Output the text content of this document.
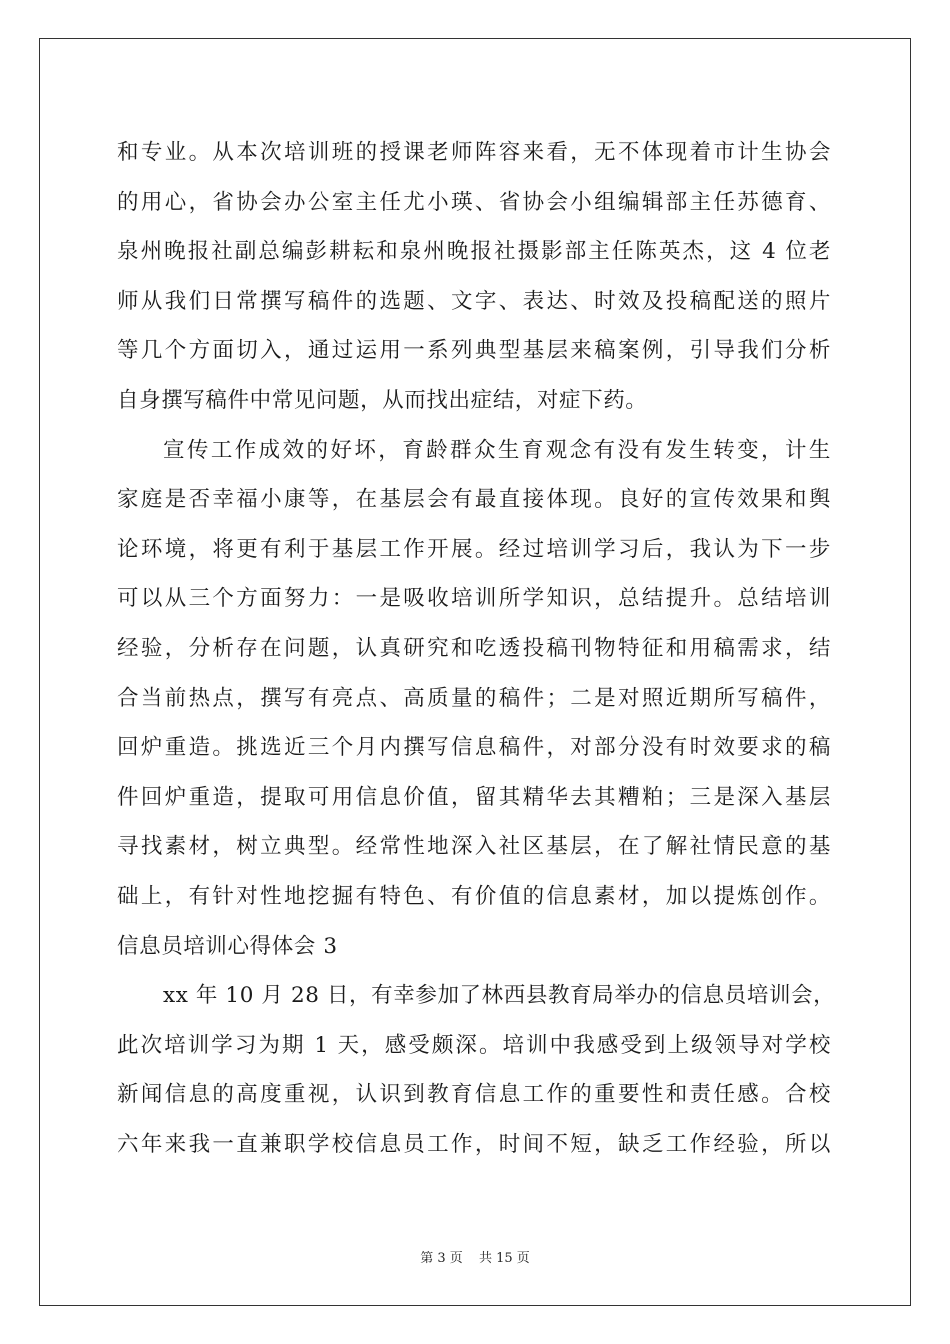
和专业。从本次培训班的授课老师阵容来看，无不体现着市计生协会
的用心，省协会办公室主任尤小瑛、省协会小组编辑部主任苏德育、
泉州晚报社副总编彭耕耘和泉州晚报社摄影部主任陈英杰，这 4 位老
师从我们日常撰写稿件的选题、文字、表达、时效及投稿配送的照片
等几个方面切入，通过运用一系列典型基层来稿案例，引导我们分析
自身撰写稿件中常见问题，从而找出症结，对症下药。
宣传工作成效的好坏，育龄群众生育观念有没有发生转变，计生
家庭是否幸福小康等，在基层会有最直接体现。良好的宣传效果和舆
论环境，将更有利于基层工作开展。经过培训学习后，我认为下一步
可以从三个方面努力：一是吸收培训所学知识，总结提升。总结培训
经验，分析存在问题，认真研究和吃透投稿刊物特征和用稿需求，结
合当前热点，撰写有亮点、高质量的稿件；二是对照近期所写稿件，
回炉重造。挑选近三个月内撰写信息稿件，对部分没有时效要求的稿
件回炉重造，提取可用信息价值，留其精华去其糟粕；三是深入基层
寻找素材，树立典型。经常性地深入社区基层，在了解社情民意的基
础上，有针对性地挖掘有特色、有价值的信息素材，加以提炼创作。
信息员培训心得体会 3
xx 年 10 月 28 日，有幸参加了林西县教育局举办的信息员培训会，
此次培训学习为期 1 天，感受颇深。培训中我感受到上级领导对学校
新闻信息的高度重视，认识到教育信息工作的重要性和责任感。合校
六年来我一直兼职学校信息员工作，时间不短，缺乏工作经验，所以
第 3 页 共 15 页
